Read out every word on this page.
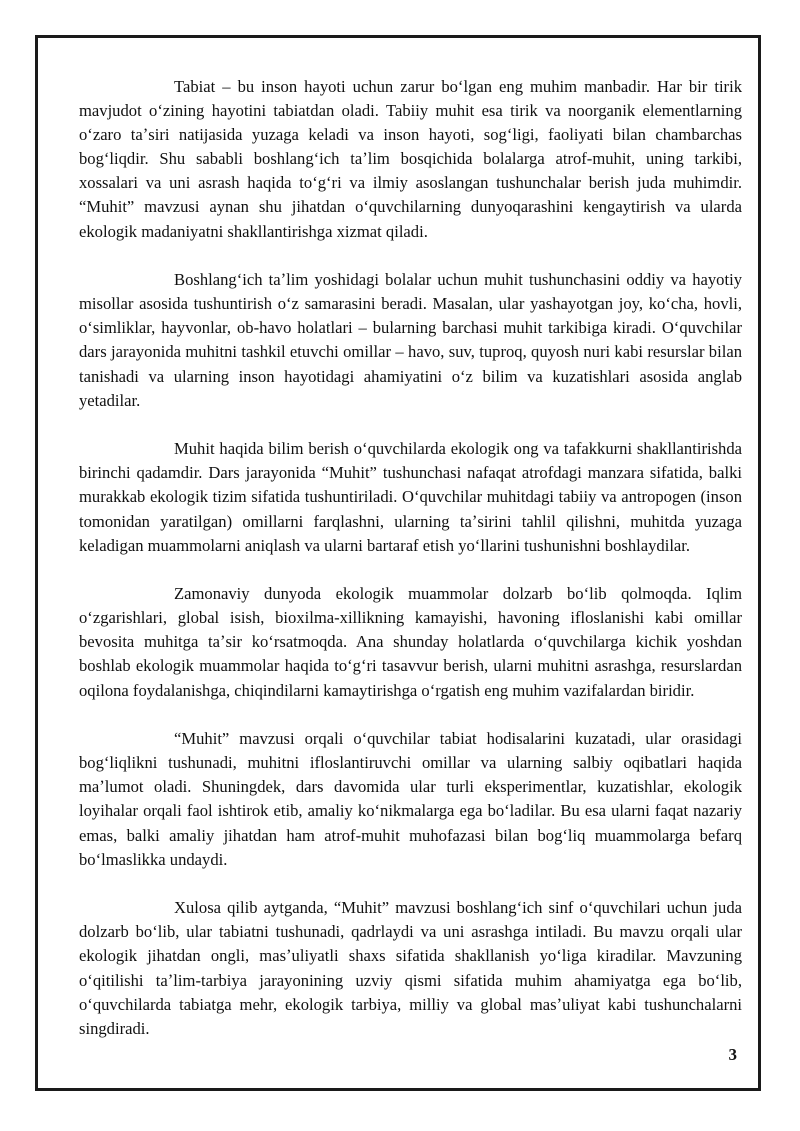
Tabiat – bu inson hayoti uchun zarur boʻlgan eng muhim manbadir. Har bir tirik mavjudot oʻzining hayotini tabiatdan oladi. Tabiiy muhit esa tirik va noorganik elementlarning oʻzaro taʼsiri natijasida yuzaga keladi va inson hayoti, sogʻligi, faoliyati bilan chambarchas bogʻliqdir. Shu sababli boshlangʻich taʼlim bosqichida bolalarga atrof-muhit, uning tarkibi, xossalari va uni asrash haqida toʻgʻri va ilmiy asoslangan tushunchalar berish juda muhimdir. “Muhit” mavzusi aynan shu jihatdan oʻquvchilarning dunyoqarashini kengaytirish va ularda ekologik madaniyatni shakllantirishga xizmat qiladi.

Boshlangʻich taʼlim yoshidagi bolalar uchun muhit tushunchasini oddiy va hayotiy misollar asosida tushuntirish oʻz samarasini beradi. Masalan, ular yashayotgan joy, koʻcha, hovli, oʻsimliklar, hayvonlar, ob-havo holatlari – bularning barchasi muhit tarkibiga kiradi. Oʻquvchilar dars jarayonida muhitni tashkil etuvchi omillar – havo, suv, tuproq, quyosh nuri kabi resurslar bilan tanishadi va ularning inson hayotidagi ahamiyatini oʻz bilim va kuzatishlari asosida anglab yetadilar.

Muhit haqida bilim berish oʻquvchilarda ekologik ong va tafakkurni shakllantirishda birinchi qadamdir. Dars jarayonida “Muhit” tushunchasi nafaqat atrofdagi manzara sifatida, balki murakkab ekologik tizim sifatida tushuntiriladi. Oʻquvchilar muhitdagi tabiiy va antropogen (inson tomonidan yaratilgan) omillarni farqlashni, ularning taʼsirini tahlil qilishni, muhitda yuzaga keladigan muammolarni aniqlash va ularni bartaraf etish yoʻllarini tushunishni boshlaydilar.

Zamonaviy dunyoda ekologik muammolar dolzarb boʻlib qolmoqda. Iqlim oʻzgarishlari, global isish, bioxilma-xillikning kamayishi, havoning ifloslanishi kabi omillar bevosita muhitga taʼsir koʻrsatmoqda. Ana shunday holatlarda oʻquvchilarga kichik yoshdan boshlab ekologik muammolar haqida toʻgʻri tasavvur berish, ularni muhitni asrashga, resurslardan oqilona foydalanishga, chiqindilarni kamaytirishga oʻrgatish eng muhim vazifalardan biridir.

“Muhit” mavzusi orqali oʻquvchilar tabiat hodisalarini kuzatadi, ular orasidagi bogʻliqlikni tushunadi, muhitni ifloslantiruvchi omillar va ularning salbiy oqibatlari haqida maʼlumot oladi. Shuningdek, dars davomida ular turli eksperimentlar, kuzatishlar, ekologik loyihalar orqali faol ishtirok etib, amaliy koʻnikmalarga ega boʻladilar. Bu esa ularni faqat nazariy emas, balki amaliy jihatdan ham atrof-muhit muhofazasi bilan bogʻliq muammolarga befarq boʻlmaslikka undaydi.

Xulosa qilib aytganda, “Muhit” mavzusi boshlangʻich sinf oʻquvchilari uchun juda dolzarb boʻlib, ular tabiatni tushunadi, qadrlaydi va uni asrashga intiladi. Bu mavzu orqali ular ekologik jihatdan ongli, masʼuliyatli shaxs sifatida shakllanish yoʻliga kiradilar. Mavzuning oʻqitilishi taʼlim-tarbiya jarayonining uzviy qismi sifatida muhim ahamiyatga ega boʻlib, oʻquvchilarda tabiatga mehr, ekologik tarbiya, milliy va global masʼuliyat kabi tushunchalarni singdiradi.

3
